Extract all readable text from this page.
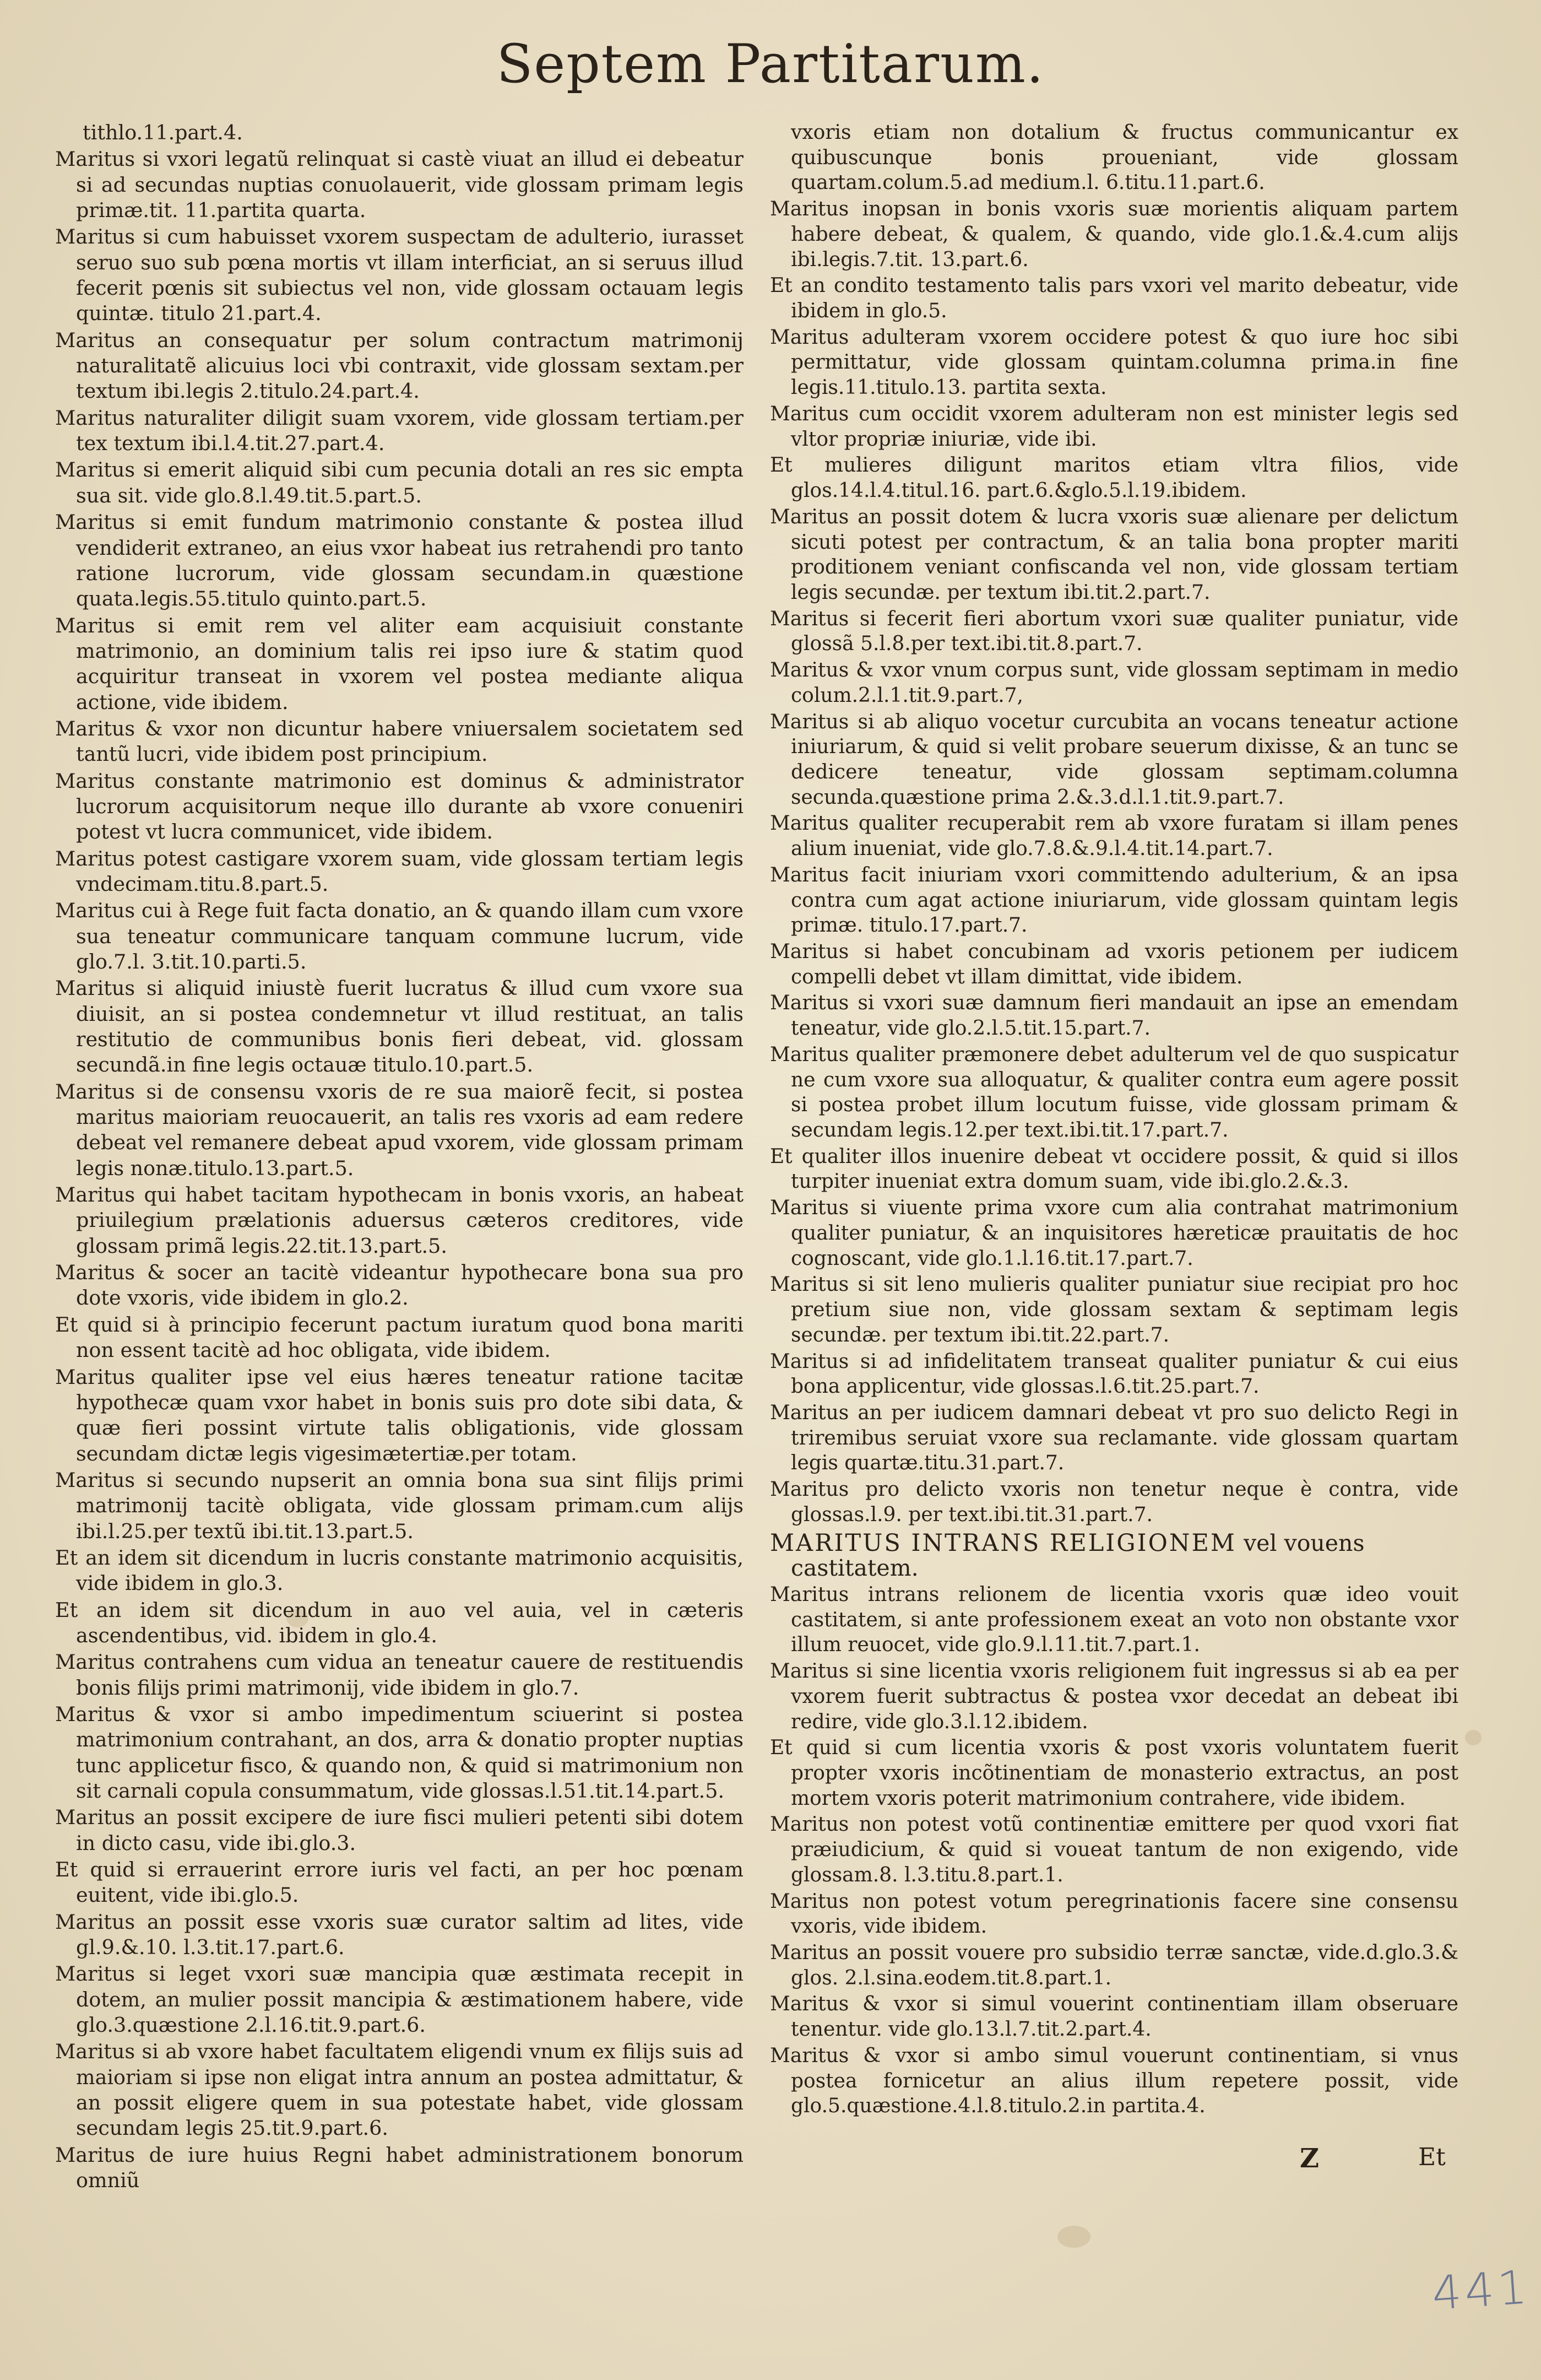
Septem Partitarum.
tithlo.11.part.4.
Maritus si vxori legatũ relinquat si castè viuat an illud ei debeatur si ad secundas nuptias conuolauerit, vide glossam primam legis primæ.tit. 11.partita quarta.
Maritus si cum habuisset vxorem suspectam de adulterio, iurasset seruo suo sub pœna mortis vt illam interficiat, an si seruus illud fecerit pœnis sit subiectus vel non, vide glossam octauam legis quintæ. titulo 21.part.4.
Maritus an consequatur per solum contractum matrimonij naturalitatẽ alicuius loci vbi contraxit, vide glossam sextam.per textum ibi.legis 2.titulo.24.part.4.
Maritus naturaliter diligit suam vxorem, vide glossam tertiam.per tex textum ibi.l.4.tit.27.part.4.
Maritus si emerit aliquid sibi cum pecunia dotali an res sic empta sua sit. vide glo.8.l.49.tit.5.part.5.
Maritus si emit fundum matrimonio constante & postea illud vendiderit extraneo, an eius vxor habeat ius retrahendi pro tanto ratione lucrorum, vide glossam secundam.in quæstione quata.legis.55.titulo quinto.part.5.
Maritus si emit rem vel aliter eam acquisiuit constante matrimonio, an dominium talis rei ipso iure & statim quod acquiritur transeat in vxorem vel postea mediante aliqua actione, vide ibidem.
Maritus & vxor non dicuntur habere vniuersalem societatem sed tantũ lucri, vide ibidem post principium.
Maritus constante matrimonio est dominus & administrator lucrorum acquisitorum neque illo durante ab vxore conueniri potest vt lucra communicet, vide ibidem.
Maritus potest castigare vxorem suam, vide glossam tertiam legis vndecimam.titu.8.part.5.
Maritus cui à Rege fuit facta donatio, an & quando illam cum vxore sua teneatur communicare tanquam commune lucrum, vide glo.7.l. 3.tit.10.parti.5.
Maritus si aliquid iniustè fuerit lucratus & illud cum vxore sua diuisit, an si postea condemnetur vt illud restituat, an talis restitutio de communibus bonis fieri debeat, vid. glossam secundã.in fine legis octauæ titulo.10.part.5.
Maritus si de consensu vxoris de re sua maiorẽ fecit, si postea maritus maioriam reuocauerit, an talis res vxoris ad eam redere debeat vel remanere debeat apud vxorem, vide glossam primam legis nonæ.titulo.13.part.5.
Maritus qui habet tacitam hypothecam in bonis vxoris, an habeat priuilegium prælationis aduersus cæteros creditores, vide glossam primã legis.22.tit.13.part.5.
Maritus & socer an tacitè videantur hypothecare bona sua pro dote vxoris, vide ibidem in glo.2.
Et quid si à principio fecerunt pactum iuratum quod bona mariti non essent tacitè ad hoc obligata, vide ibidem.
Maritus qualiter ipse vel eius hæres teneatur ratione tacitæ hypothecæ quam vxor habet in bonis suis pro dote sibi data, & quæ fieri possint virtute talis obligationis, vide glossam secundam dictæ legis vigesimætertiæ.per totam.
Maritus si secundo nupserit an omnia bona sua sint filijs primi matrimonij tacitè obligata, vide glossam primam.cum alijs ibi.l.25.per textũ ibi.tit.13.part.5.
Et an idem sit dicendum in lucris constante matrimonio acquisitis, vide ibidem in glo.3.
Et an idem sit dicendum in auo vel auia, vel in cæteris ascendentibus, vid. ibidem in glo.4.
Maritus contrahens cum vidua an teneatur cauere de restituendis bonis filijs primi matrimonij, vide ibidem in glo.7.
Maritus & vxor si ambo impedimentum sciuerint si postea matrimonium contrahant, an dos, arra & donatio propter nuptias tunc applicetur fisco, & quando non, & quid si matrimonium non sit carnali copula consummatum, vide glossas.l.51.tit.14.part.5.
Maritus an possit excipere de iure fisci mulieri petenti sibi dotem in dicto casu, vide ibi.glo.3.
Et quid si errauerint errore iuris vel facti, an per hoc pœnam euitent, vide ibi.glo.5.
Maritus an possit esse vxoris suæ curator saltim ad lites, vide gl.9.&.10. l.3.tit.17.part.6.
Maritus si leget vxori suæ mancipia quæ æstimata recepit in dotem, an mulier possit mancipia & æstimationem habere, vide glo.3.quæstione 2.l.16.tit.9.part.6.
Maritus si ab vxore habet facultatem eligendi vnum ex filijs suis ad maioriam si ipse non eligat intra annum an postea admittatur, & an possit eligere quem in sua potestate habet, vide glossam secundam legis 25.tit.9.part.6.
Maritus de iure huius Regni habet administrationem bonorum omniũ
vxoris etiam non dotalium & fructus communicantur ex quibuscunque bonis proueniant, vide glossam quartam.colum.5.ad medium.l. 6.titu.11.part.6.
Maritus inopsan in bonis vxoris suæ morientis aliquam partem habere debeat, & qualem, & quando, vide glo.1.&.4.cum alijs ibi.legis.7.tit. 13.part.6.
Et an condito testamento talis pars vxori vel marito debeatur, vide ibidem in glo.5.
Maritus adulteram vxorem occidere potest & quo iure hoc sibi permittatur, vide glossam quintam.columna prima.in fine legis.11.titulo.13. partita sexta.
Maritus cum occidit vxorem adulteram non est minister legis sed vltor propriæ iniuriæ, vide ibi.
Et mulieres diligunt maritos etiam vltra filios, vide glos.14.l.4.titul.16. part.6.&glo.5.l.19.ibidem.
Maritus an possit dotem & lucra vxoris suæ alienare per delictum sicuti potest per contractum, & an talia bona propter mariti proditionem veniant confiscanda vel non, vide glossam tertiam legis secundæ. per textum ibi.tit.2.part.7.
Maritus si fecerit fieri abortum vxori suæ qualiter puniatur, vide glossã 5.l.8.per text.ibi.tit.8.part.7.
Maritus & vxor vnum corpus sunt, vide glossam septimam in medio colum.2.l.1.tit.9.part.7,
Maritus si ab aliquo vocetur curcubita an vocans teneatur actione iniuriarum, & quid si velit probare seuerum dixisse, & an tunc se dedicere teneatur, vide glossam septimam.columna secunda.quæstione prima 2.&.3.d.l.1.tit.9.part.7.
Maritus qualiter recuperabit rem ab vxore furatam si illam penes alium inueniat, vide glo.7.8.&.9.l.4.tit.14.part.7.
Maritus facit iniuriam vxori committendo adulterium, & an ipsa contra cum agat actione iniuriarum, vide glossam quintam legis primæ. titulo.17.part.7.
Maritus si habet concubinam ad vxoris petionem per iudicem compelli debet vt illam dimittat, vide ibidem.
Maritus si vxori suæ damnum fieri mandauit an ipse an emendam teneatur, vide glo.2.l.5.tit.15.part.7.
Maritus qualiter præmonere debet adulterum vel de quo suspicatur ne cum vxore sua alloquatur, & qualiter contra eum agere possit si postea probet illum locutum fuisse, vide glossam primam & secundam legis.12.per text.ibi.tit.17.part.7.
Et qualiter illos inuenire debeat vt occidere possit, & quid si illos turpiter inueniat extra domum suam, vide ibi.glo.2.&.3.
Maritus si viuente prima vxore cum alia contrahat matrimonium qualiter puniatur, & an inquisitores hæreticæ prauitatis de hoc cognoscant, vide glo.1.l.16.tit.17.part.7.
Maritus si sit leno mulieris qualiter puniatur siue recipiat pro hoc pretium siue non, vide glossam sextam & septimam legis secundæ. per textum ibi.tit.22.part.7.
Maritus si ad infidelitatem transeat qualiter puniatur & cui eius bona applicentur, vide glossas.l.6.tit.25.part.7.
Maritus an per iudicem damnari debeat vt pro suo delicto Regi in triremibus seruiat vxore sua reclamante. vide glossam quartam legis quartæ.titu.31.part.7.
Maritus pro delicto vxoris non tenetur neque è contra, vide glossas.l.9. per text.ibi.tit.31.part.7.
MARITUS INTRANS RELIGIONEM vel vouens castitatem.
Maritus intrans relionem de licentia vxoris quæ ideo vouit castitatem, si ante professionem exeat an voto non obstante vxor illum reuocet, vide glo.9.l.11.tit.7.part.1.
Maritus si sine licentia vxoris religionem fuit ingressus si ab ea per vxorem fuerit subtractus & postea vxor decedat an debeat ibi redire, vide glo.3.l.12.ibidem.
Et quid si cum licentia vxoris & post vxoris voluntatem fuerit propter vxoris incõtinentiam de monasterio extractus, an post mortem vxoris poterit matrimonium contrahere, vide ibidem.
Maritus non potest votũ continentiæ emittere per quod vxori fiat præiudicium, & quid si voueat tantum de non exigendo, vide glossam.8. l.3.titu.8.part.1.
Maritus non potest votum peregrinationis facere sine consensu vxoris, vide ibidem.
Maritus an possit vouere pro subsidio terræ sanctæ, vide.d.glo.3.& glos. 2.l.sina.eodem.tit.8.part.1.
Maritus & vxor si simul vouerint continentiam illam obseruare tenentur. vide glo.13.l.7.tit.2.part.4.
Maritus & vxor si ambo simul vouerunt continentiam, si vnus postea fornicetur an alius illum repetere possit, vide glo.5.quæstione.4.l.8.titulo.2.in partita.4.
Z	Et
441
